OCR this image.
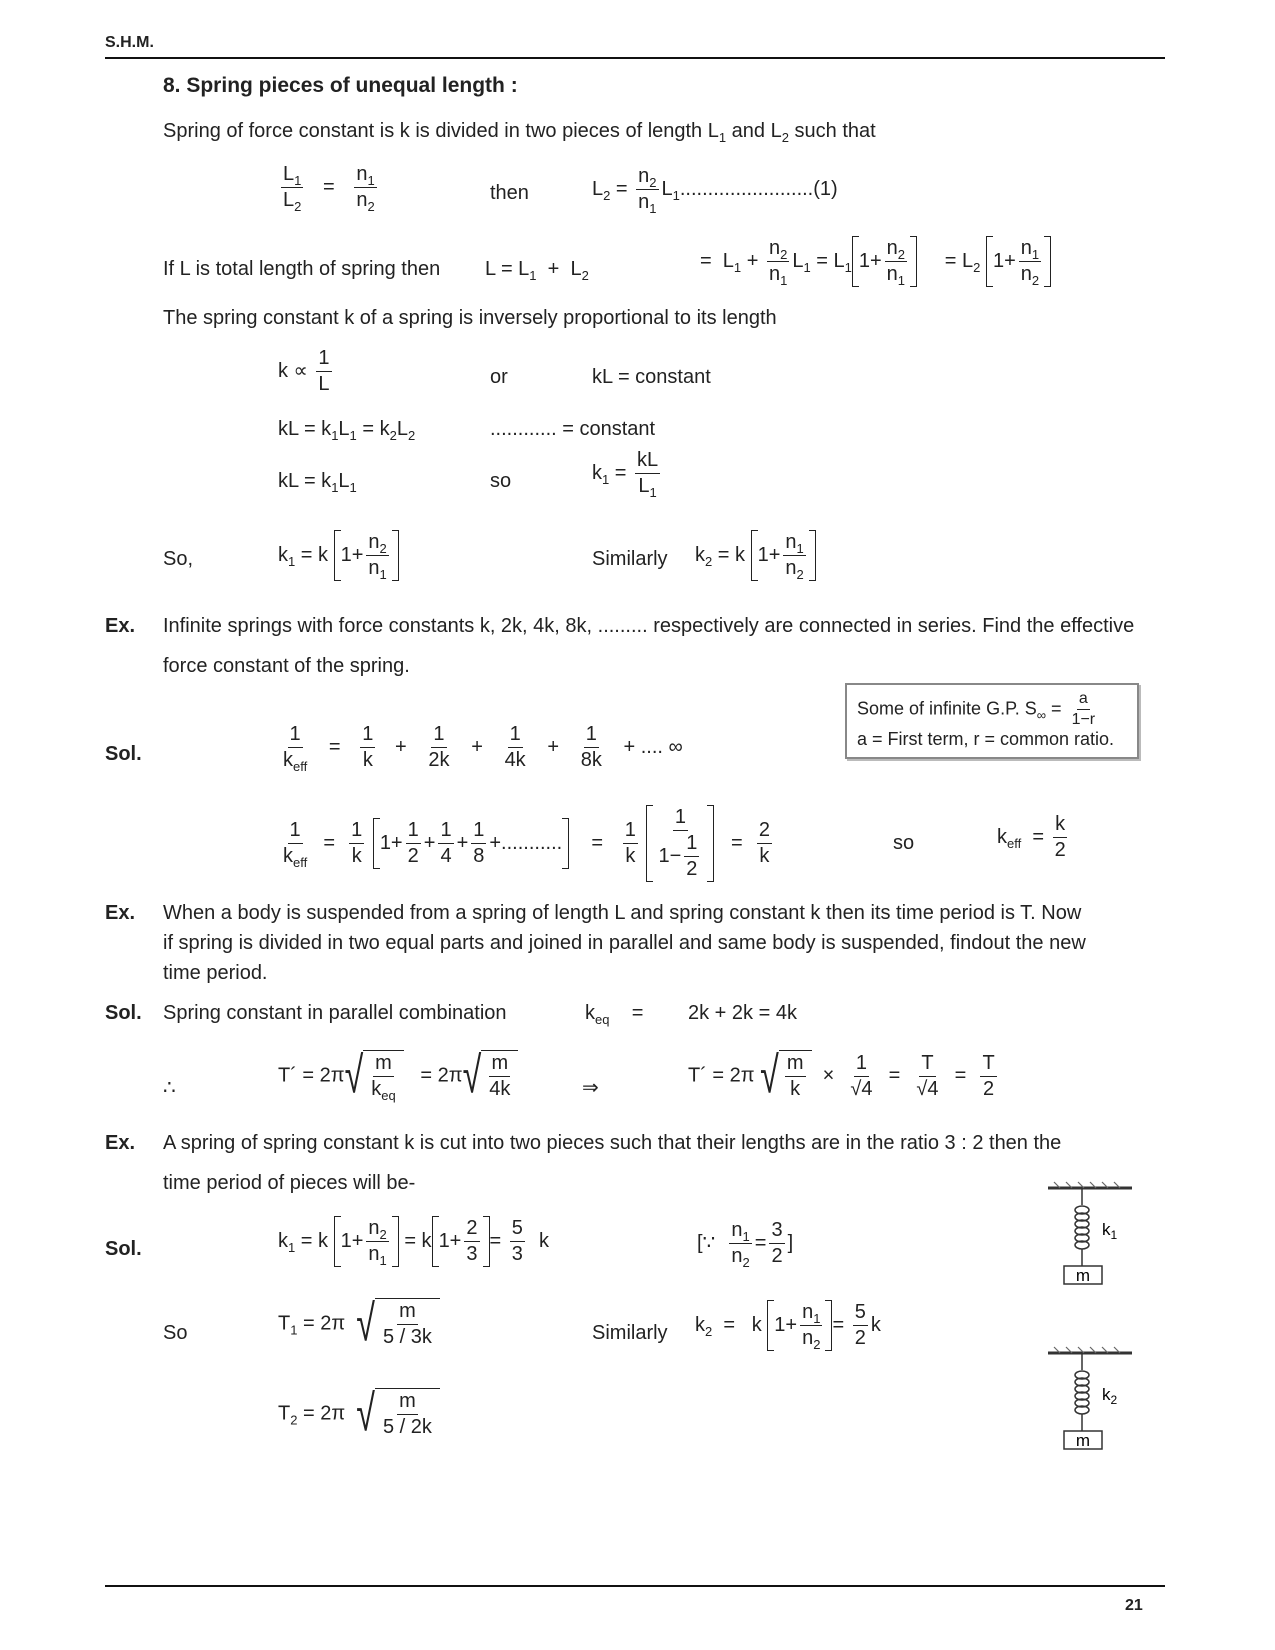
S.H.M.
8. Spring pieces of unequal length :
Spring of force constant is k is divided in two pieces of length $L_1$ and $L_2$ such that
$\frac{L_1}{L_2} = \frac{n_1}{n_2}$	then	$L_2 = \frac{n_2}{n_1} L_1........................(1)$
If L is total length of spring then $L = L_1 + L_2$
=  $L_1 + \frac{n_2}{n_1} L_1 = L_1$ $1+ \frac{n_2}{n_1} = L_2$ $1+ \frac{n_1}{n_2}$
The spring constant k of a spring is inversely proportional to its length
$k \propto \frac{1}{L}$	or	kL = constant
kL = $k_1L_1 = k_2L_2$	............ = constant
kL = $k_1L_1$	so	$k_1 = \frac{kL}{L_1}$
So,	$k_1 = k$ $1+ \frac{n_2}{n_1}$	Similarly $k_2 = k$ $1+ \frac{n_1}{n_2}$
Ex. Infinite springs with force constants k, 2k, 4k, 8k, ......... respectively are connected in series. Find the effective
force constant of the spring.
Some of infinite G.P. $S_\infty = \frac{a}{1-r}$
a = First term, r = common ratio.
Sol.	$\frac{1}{k_{eff}} = \frac{1}{k} + \frac{1}{2k} + \frac{1}{4k} + \frac{1}{8k}$ + .... ∞
$\frac{1}{k_{eff}} = \frac{1}{k} 1+ \frac{1}{2} + \frac{1}{4} + \frac{1}{8}$ +........... = $\frac{1}{k}$
$\frac{1}{1- \frac{1}{2}} = \frac{2}{k}$	so	$k_{eff} = \frac{k}{2}$
Ex. When a body is suspended from a spring of length L and spring constant k then its time period is T. Now
if spring is divided in two equal parts and joined in parallel and same body is suspended, findout the new
time period.
Sol. Spring constant in parallel combination	$k_{eq}$    = 2k + 2k = 4k
∴
T´ = 2π √ $\frac{m}{k_{eq}} = 2\pi$ √ $\frac{m}{4k}$	⇒
T´ = 2π √ $\frac{m}{k} \times \frac{1}{√4} = \frac{T}{√4} = \frac{T}{2}$
Ex. A spring of spring constant k is cut into two pieces such that their lengths are in the ratio 3 : 2 then the
time period of pieces will be-
Sol.	$k_1 = k$ $1+ \frac{n_2}{n_1} = k$ $1+ \frac{2}{3} = \frac{5}{3}$ k	[∵ $\frac{n_1}{n_2} = \frac{3}{2}$ ]
So	$T_1 = 2\pi$ √ $\frac{m}{5 / 3k}$	Similarly $k_2 = k$ $1+ \frac{n_1}{n_2} = \frac{5}{2}$ k
$T_2 = 2\pi$ √ $\frac{m}{5 / 2k}$
m
$k_1$
m
$k_2$
21
